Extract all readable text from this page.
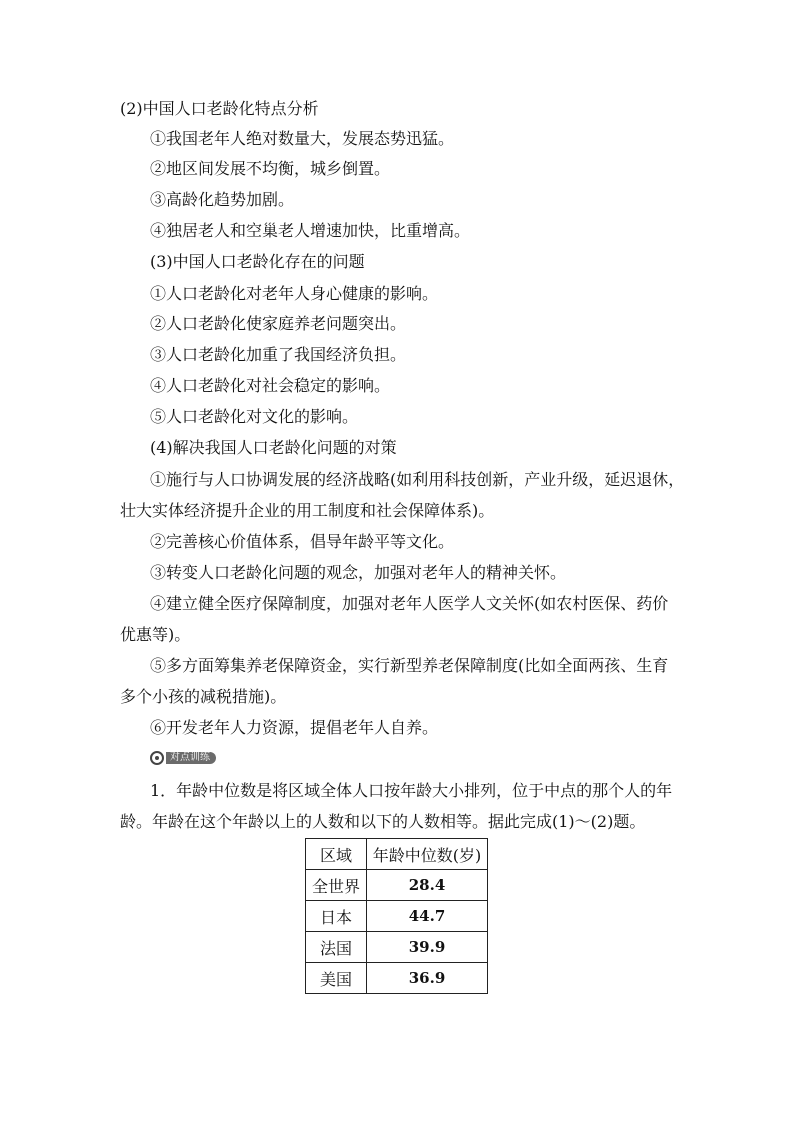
(2)中国人口老龄化特点分析
①我国老年人绝对数量大，发展态势迅猛。
②地区间发展不均衡，城乡倒置。
③高龄化趋势加剧。
④独居老人和空巢老人增速加快，比重增高。
(3)中国人口老龄化存在的问题
①人口老龄化对老年人身心健康的影响。
②人口老龄化使家庭养老问题突出。
③人口老龄化加重了我国经济负担。
④人口老龄化对社会稳定的影响。
⑤人口老龄化对文化的影响。
(4)解决我国人口老龄化问题的对策
①施行与人口协调发展的经济战略(如利用科技创新，产业升级，延迟退休，
壮大实体经济提升企业的用工制度和社会保障体系)。
②完善核心价值体系，倡导年龄平等文化。
③转变人口老龄化问题的观念，加强对老年人的精神关怀。
④建立健全医疗保障制度，加强对老年人医学人文关怀(如农村医保、药价
优惠等)。
⑤多方面筹集养老保障资金，实行新型养老保障制度(比如全面两孩、生育
多个小孩的减税措施)。
⑥开发老年人力资源，提倡老年人自养。
对点训练
1．年龄中位数是将区域全体人口按年龄大小排列，位于中点的那个人的年
龄。年龄在这个年龄以上的人数和以下的人数相等。据此完成(1)～(2)题。
区域	年龄中位数(岁)
全世界	28.4
日本	44.7
法国	39.9
美国	36.9
